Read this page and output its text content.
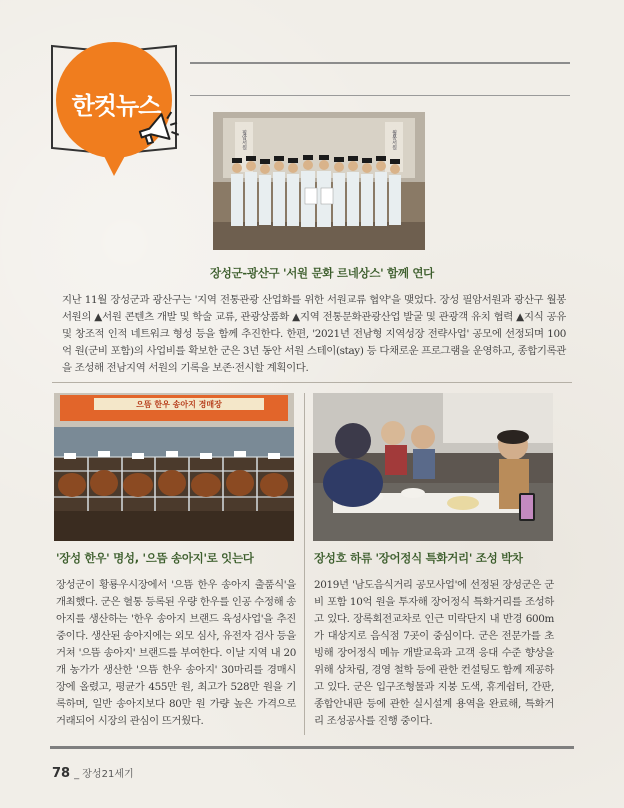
한컷뉴스
필암서원	월봉서원
장성군-광산구 '서원 문화 르네상스' 함께 연다
지난 11월 장성군과 광산구는 '지역 전통관광 산업화를 위한 서원교류 협약'을 맺었다. 장성 필암서원과 광산구 월봉서원의 ▲서원 콘텐츠 개발 및 학술 교류, 관광상품화 ▲지역 전통문화관광산업 발굴 및 관광객 유치 협력 ▲지식 공유 및 창조적 인적 네트워크 형성 등을 함께 추진한다. 한편, '2021년 전남형 지역성장 전략사업' 공모에 선정되며 100억 원(군비 포함)의 사업비를 확보한 군은 3년 동안 서원 스테이(stay) 등 다채로운 프로그램을 운영하고, 종합기록관을 조성해 전남지역 서원의 기록을 보존·전시할 계획이다.
으뜸 한우 송아지 경매장
'장성 한우' 명성, '으뜸 송아지'로 잇는다
장성군이 황룡우시장에서 '으뜸 한우 송아지 출품식'을 개최했다. 군은 혈통 등록된 우량 한우를 인공 수정해 송아지를 생산하는 '한우 송아지 브랜드 육성사업'을 추진 중이다. 생산된 송아지에는 외모 심사, 유전자 검사 등을 거쳐 '으뜸 송아지' 브랜드를 부여한다. 이날 지역 내 20개 농가가 생산한 '으뜸 한우 송아지' 30마리를 경매시장에 올렸고, 평균가 455만 원, 최고가 528만 원을 기록하며, 일반 송아지보다 80만 원 가량 높은 가격으로 거래되어 시장의 관심이 뜨거웠다.
장성호 하류 '장어정식 특화거리' 조성 박차
2019년 '남도음식거리 공모사업'에 선정된 장성군은 군비 포함 10억 원을 투자해 장어정식 특화거리를 조성하고 있다. 장록회전교차로 인근 미락단지 내 반경 600m가 대상지로 음식점 7곳이 중심이다. 군은 전문가를 초빙해 장어정식 메뉴 개발교육과 고객 응대 수준 향상을 위해 상차림, 경영 철학 등에 관한 컨설팅도 함께 제공하고 있다. 군은 입구조형물과 지붕 도색, 휴게쉼터, 간판, 종합안내판 등에 관한 실시설계 용역을 완료해, 특화거리 조성공사를 진행 중이다.
78 _ 장성21세기
